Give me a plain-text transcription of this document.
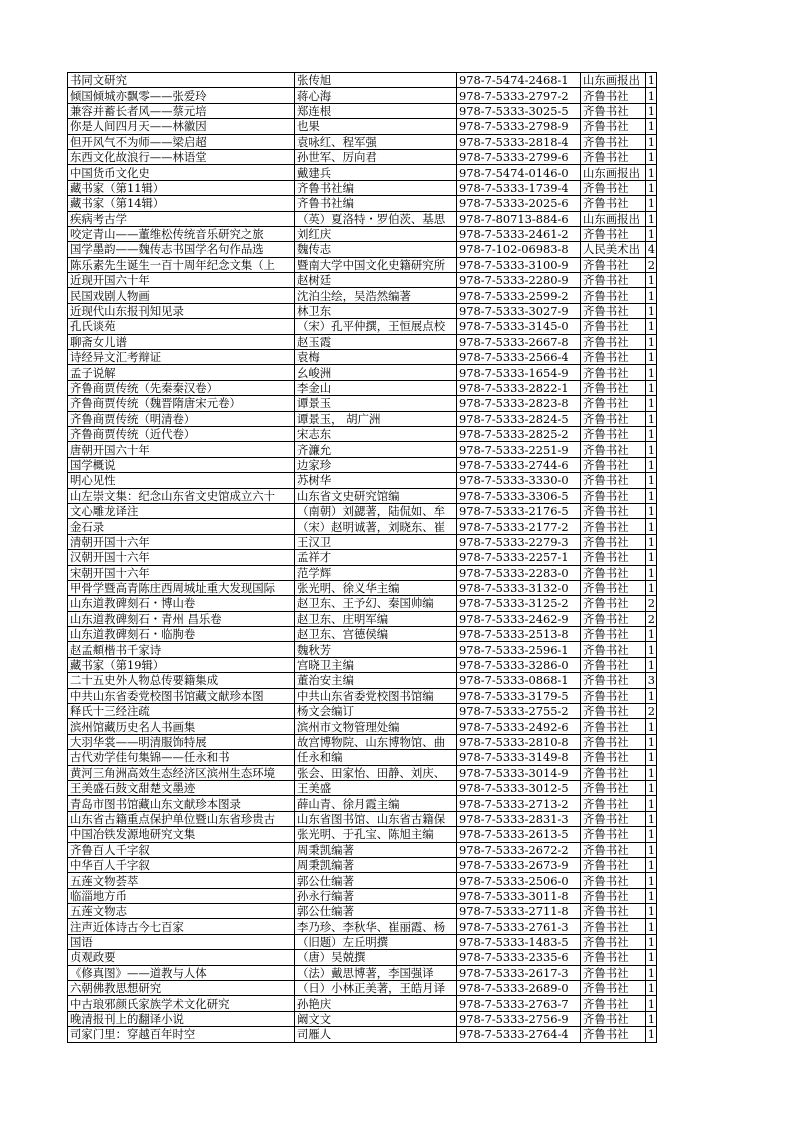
书同文研究	张传旭	978-7-5474-2468-1	山东画报出	1
倾国倾城亦飘零——张爱玲	蒋心海	978-7-5333-2797-2	齐鲁书社	1
兼容并蓄长者风——蔡元培	郑连根	978-7-5333-3025-5	齐鲁书社	1
你是人间四月天——林徽因	也果	978-7-5333-2798-9	齐鲁书社	1
但开风气不为师——梁启超	袁咏红、程军强	978-7-5333-2818-4	齐鲁书社	1
东西文化故浪行——林语堂	孙世军、厉向君	978-7-5333-2799-6	齐鲁书社	1
中国货币文化史	戴建兵	978-7-5474-0146-0	山东画报出	1
藏书家（第11辑）	齐鲁书社编	978-7-5333-1739-4	齐鲁书社	1
藏书家（第14辑）	齐鲁书社编	978-7-5333-2025-6	齐鲁书社	1
疾病考古学	（英）夏洛特・罗伯茨、基思	978-7-80713-884-6	山东画报出	1
咬定青山——董维松传统音乐研究之旅	刘红庆	978-7-5333-2461-2	齐鲁书社	1
国学墨韵——魏传志书国学名句作品选	魏传志	978-7-102-06983-8	人民美术出	4
陈乐素先生诞生一百十周年纪念文集（上	暨南大学中国文化史籍研究所	978-7-5333-3100-9	齐鲁书社	2
近现开国六十年	赵树廷	978-7-5333-2280-9	齐鲁书社	1
民国戏剧人物画	沈泊尘绘，吴浩然编著	978-7-5333-2599-2	齐鲁书社	1
近现代山东报刊知见录	林卫东	978-7-5333-3027-9	齐鲁书社	1
孔氏谈苑	（宋）孔平仲撰，王恒展点校	978-7-5333-3145-0	齐鲁书社	1
聊斋女儿谱	赵玉霞	978-7-5333-2667-8	齐鲁书社	1
诗经异文汇考辩证	袁梅	978-7-5333-2566-4	齐鲁书社	1
孟子说解	幺峻洲	978-7-5333-1654-9	齐鲁书社	1
齐鲁商贾传统（先秦秦汉卷）	李金山	978-7-5333-2822-1	齐鲁书社	1
齐鲁商贾传统（魏晋隋唐宋元卷）	谭景玉	978-7-5333-2823-8	齐鲁书社	1
齐鲁商贾传统（明清卷）	谭景玉， 胡广洲	978-7-5333-2824-5	齐鲁书社	1
齐鲁商贾传统（近代卷）	宋志东	978-7-5333-2825-2	齐鲁书社	1
唐朝开国六十年	齐濂允	978-7-5333-2251-9	齐鲁书社	1
国学概说	边家珍	978-7-5333-2744-6	齐鲁书社	1
明心见性	苏树华	978-7-5333-3330-0	齐鲁书社	1
山左崇文集：纪念山东省文史馆成立六十	山东省文史研究馆编	978-7-5333-3306-5	齐鲁书社	1
文心雕龙译注	（南朝）刘勰著，陆侃如、牟	978-7-5333-2176-5	齐鲁书社	1
金石录	（宋）赵明诚著，刘晓东、崔	978-7-5333-2177-2	齐鲁书社	1
清朝开国十六年	王汉卫	978-7-5333-2279-3	齐鲁书社	1
汉朝开国十六年	孟祥才	978-7-5333-2257-1	齐鲁书社	1
宋朝开国十六年	范学辉	978-7-5333-2283-0	齐鲁书社	1
甲骨学暨高青陈庄西周城址重大发现国际	张光明、徐义华主编	978-7-5333-3132-0	齐鲁书社	1
山东道教碑刻石・博山卷	赵卫东、王予幻、秦国帅编	978-7-5333-3125-2	齐鲁书社	2
山东道教碑刻石・青州 昌乐卷	赵卫东、庄明军编	978-7-5333-2462-9	齐鲁书社	2
山东道教碑刻石・临朐卷	赵卫东、宫德侯编	978-7-5333-2513-8	齐鲁书社	1
赵孟頫楷书千家诗	魏秋芳	978-7-5333-2596-1	齐鲁书社	1
藏书家（第19辑）	宫晓卫主编	978-7-5333-3286-0	齐鲁书社	1
二十五史外人物总传要籍集成	董治安主编	978-7-5333-0868-1	齐鲁书社	3
中共山东省委党校图书馆藏文献珍本图	中共山东省委党校图书馆编	978-7-5333-3179-5	齐鲁书社	1
释氏十三经注疏	杨文会编订	978-7-5333-2755-2	齐鲁书社	2
滨州馆藏历史名人书画集	滨州市文物管理处编	978-7-5333-2492-6	齐鲁书社	1
大羽华裳——明清服饰特展	故宫博物院、山东博物馆、曲	978-7-5333-2810-8	齐鲁书社	1
古代劝学佳句集锦——任永和书	任永和编	978-7-5333-3149-8	齐鲁书社	1
黄河三角洲高效生态经济区滨州生态环境	张会、田家怡、田静、刘庆、	978-7-5333-3014-9	齐鲁书社	1
王美盛石鼓文甜楚文墨迹	王美盛	978-7-5333-3012-5	齐鲁书社	1
青岛市图书馆藏山东文献珍本图录	薛山青、徐月霞主编	978-7-5333-2713-2	齐鲁书社	1
山东省古籍重点保护单位暨山东省珍贵古	山东省图书馆、山东省古籍保	978-7-5333-2831-3	齐鲁书社	1
中国冶铁发源地研究文集	张光明、于孔宝、陈旭主编	978-7-5333-2613-5	齐鲁书社	1
齐鲁百人千字叙	周秉凯编著	978-7-5333-2672-2	齐鲁书社	1
中华百人千字叙	周秉凯编著	978-7-5333-2673-9	齐鲁书社	1
五莲文物荟萃	郭公仕编著	978-7-5333-2506-0	齐鲁书社	1
临淄地方币	孙永行编著	978-7-5333-3011-8	齐鲁书社	1
五莲文物志	郭公仕编著	978-7-5333-2711-8	齐鲁书社	1
注声近体诗古今七百家	李乃珍、李秋华、崔丽霞、杨	978-7-5333-2761-3	齐鲁书社	1
国语	（旧题）左丘明撰	978-7-5333-1483-5	齐鲁书社	1
贞观政要	（唐）吴兢撰	978-7-5333-2335-6	齐鲁书社	1
《修真图》——道教与人体	（法）戴思博著，李国强译	978-7-5333-2617-3	齐鲁书社	1
六朝佛教思想研究	（日）小林正美著，王皓月译	978-7-5333-2689-0	齐鲁书社	1
中古琅邪颜氏家族学术文化研究	孙艳庆	978-7-5333-2763-7	齐鲁书社	1
晚清报刊上的翻译小说	阚文文	978-7-5333-2756-9	齐鲁书社	1
司家门里：穿越百年时空	司雁人	978-7-5333-2764-4	齐鲁书社	1
